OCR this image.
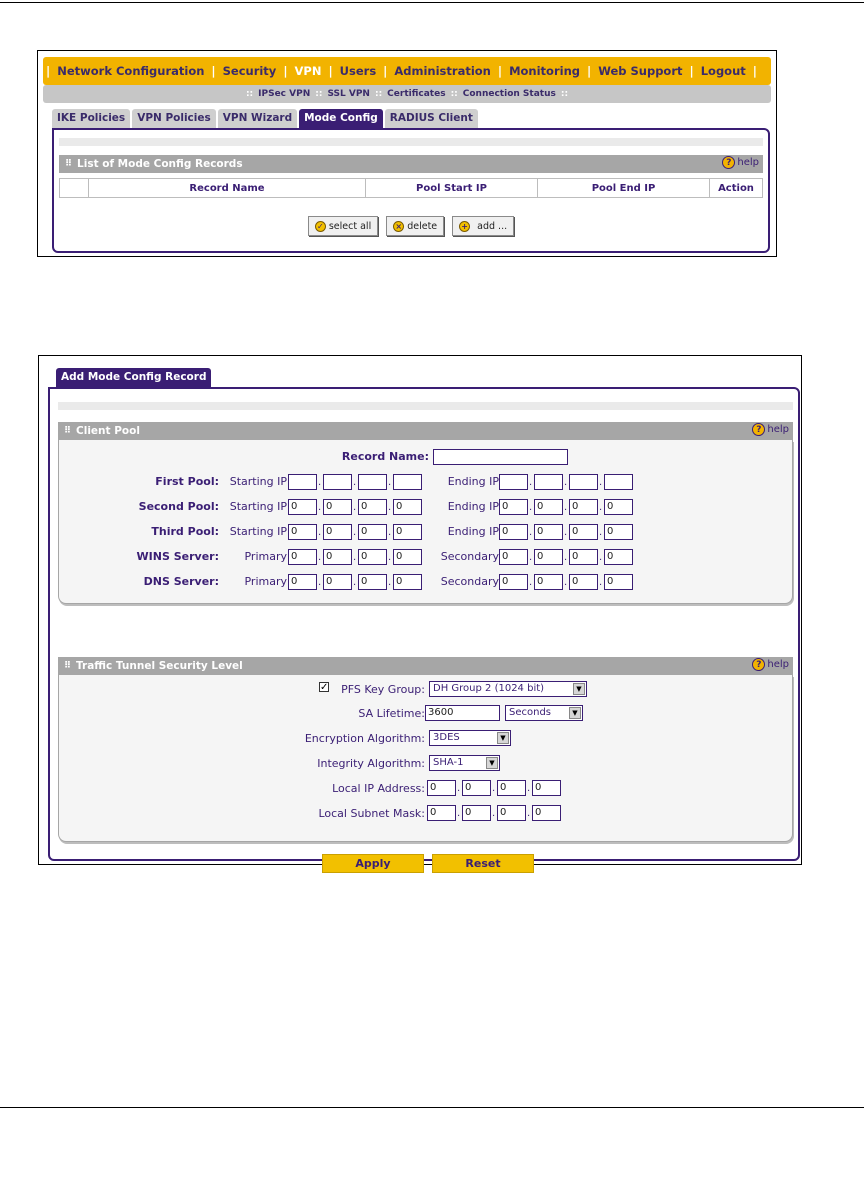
| Network Configuration | Security | VPN | Users | Administration | Monitoring | Web Support | Logout |
:: IPSec VPN :: SSL VPN :: Certificates :: Connection Status ::
IKE Policies	VPN Policies	VPN Wizard	Mode Config	RADIUS Client
⠿ List of Mode Config Records	? help
	Record Name	Pool Start IP	Pool End IP	Action
✓ select all	× delete	+ add ...
Add Mode Config Record
⠿ Client Pool	? help
Record Name:
First Pool: Starting IP	.	.	.	Ending IP	.	.	.
Second Pool: Starting IP 0	. 0	. 0	. 0	Ending IP 0	. 0	. 0	. 0
Third Pool: Starting IP 0	. 0	. 0	. 0	Ending IP 0	. 0	. 0	. 0
WINS Server:	Primary 0	. 0	. 0	. 0	Secondary 0	. 0	. 0	. 0
DNS Server:	Primary 0	. 0	. 0	. 0	Secondary 0	. 0	. 0	. 0
⠿ Traffic Tunnel Security Level	? help
✓	PFS Key Group: DH Group 2 (1024 bit)	▼
SA Lifetime: 3600	Seconds	▼
Encryption Algorithm: 3DES	▼
Integrity Algorithm: SHA-1	▼
Local IP Address: 0	. 0	. 0	. 0
Local Subnet Mask: 0	. 0	. 0	. 0
Apply	Reset
